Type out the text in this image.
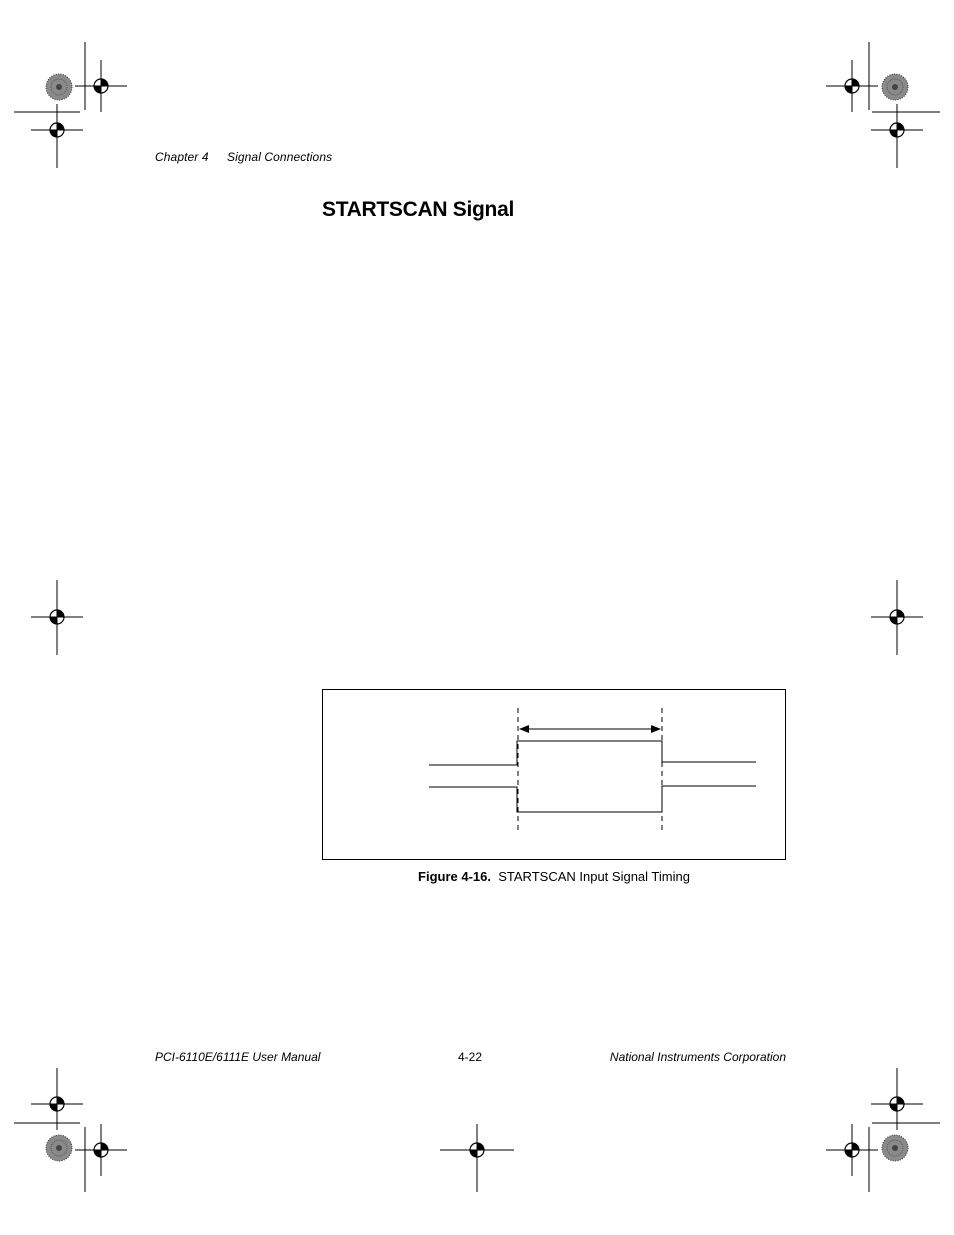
Chapter 4 Signal Connections
STARTSCAN Signal
Figure 4-16. STARTSCAN Input Signal Timing
PCI-6110E/6111E User Manual	4-22	National Instruments Corporation
